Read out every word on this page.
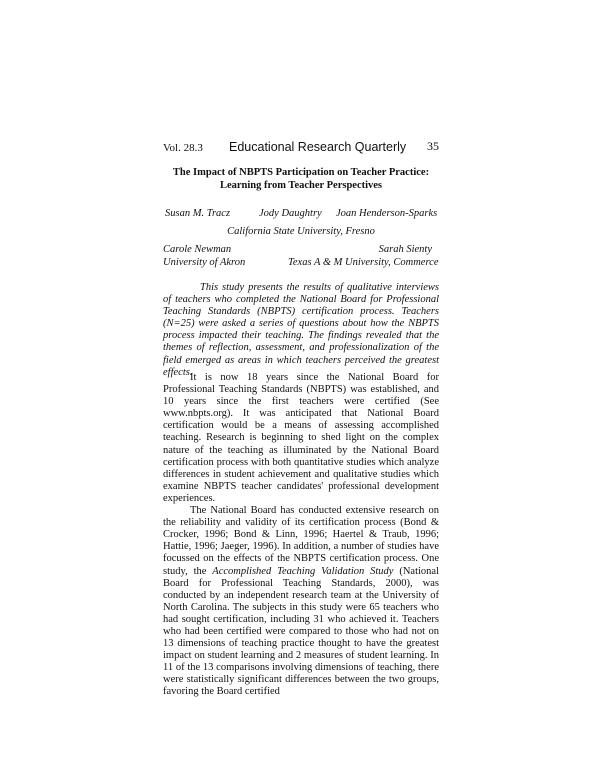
Vol. 28.3 Educational Research Quarterly 35
The Impact of NBPTS Participation on Teacher Practice:
Learning from Teacher Perspectives
Susan M. Tracz	Jody Daughtry Joan Henderson-Sparks
California State University, Fresno
Carole Newman
University of Akron
Sarah Sienty
Texas A & M University, Commerce

This study presents the results of qualitative interviews of teachers who completed the National Board for Professional Teaching Standards (NBPTS) certification process. Teachers (N=25) were asked a series of questions about how the NBPTS process impacted their teaching. The findings revealed that the themes of reflection, assessment, and professionalization of the field emerged as areas in which teachers perceived the greatest effects.

It is now 18 years since the National Board for Professional Teaching Standards (NBPTS) was established, and 10 years since the first teachers were certified (See www.nbpts.org). It was anticipated that National Board certification would be a means of assessing accomplished teaching. Research is beginning to shed light on the complex nature of the teaching as illuminated by the National Board certification process with both quantitative studies which analyze differences in student achievement and qualitative studies which examine NBPTS teacher candidates' professional development experiences.

The National Board has conducted extensive research on the reliability and validity of its certification process (Bond & Crocker, 1996; Bond & Linn, 1996; Haertel & Traub, 1996; Hattie, 1996; Jaeger, 1996). In addition, a number of studies have focussed on the effects of the NBPTS certification process. One study, the Accomplished Teaching Validation Study (National Board for Professional Teaching Standards, 2000), was conducted by an independent research team at the University of North Carolina. The subjects in this study were 65 teachers who had sought certification, including 31 who achieved it. Teachers who had been certified were compared to those who had not on 13 dimensions of teaching practice thought to have the greatest impact on student learning and 2 measures of student learning. In 11 of the 13 comparisons involving dimensions of teaching, there were statistically significant differences between the two groups, favoring the Board certified
